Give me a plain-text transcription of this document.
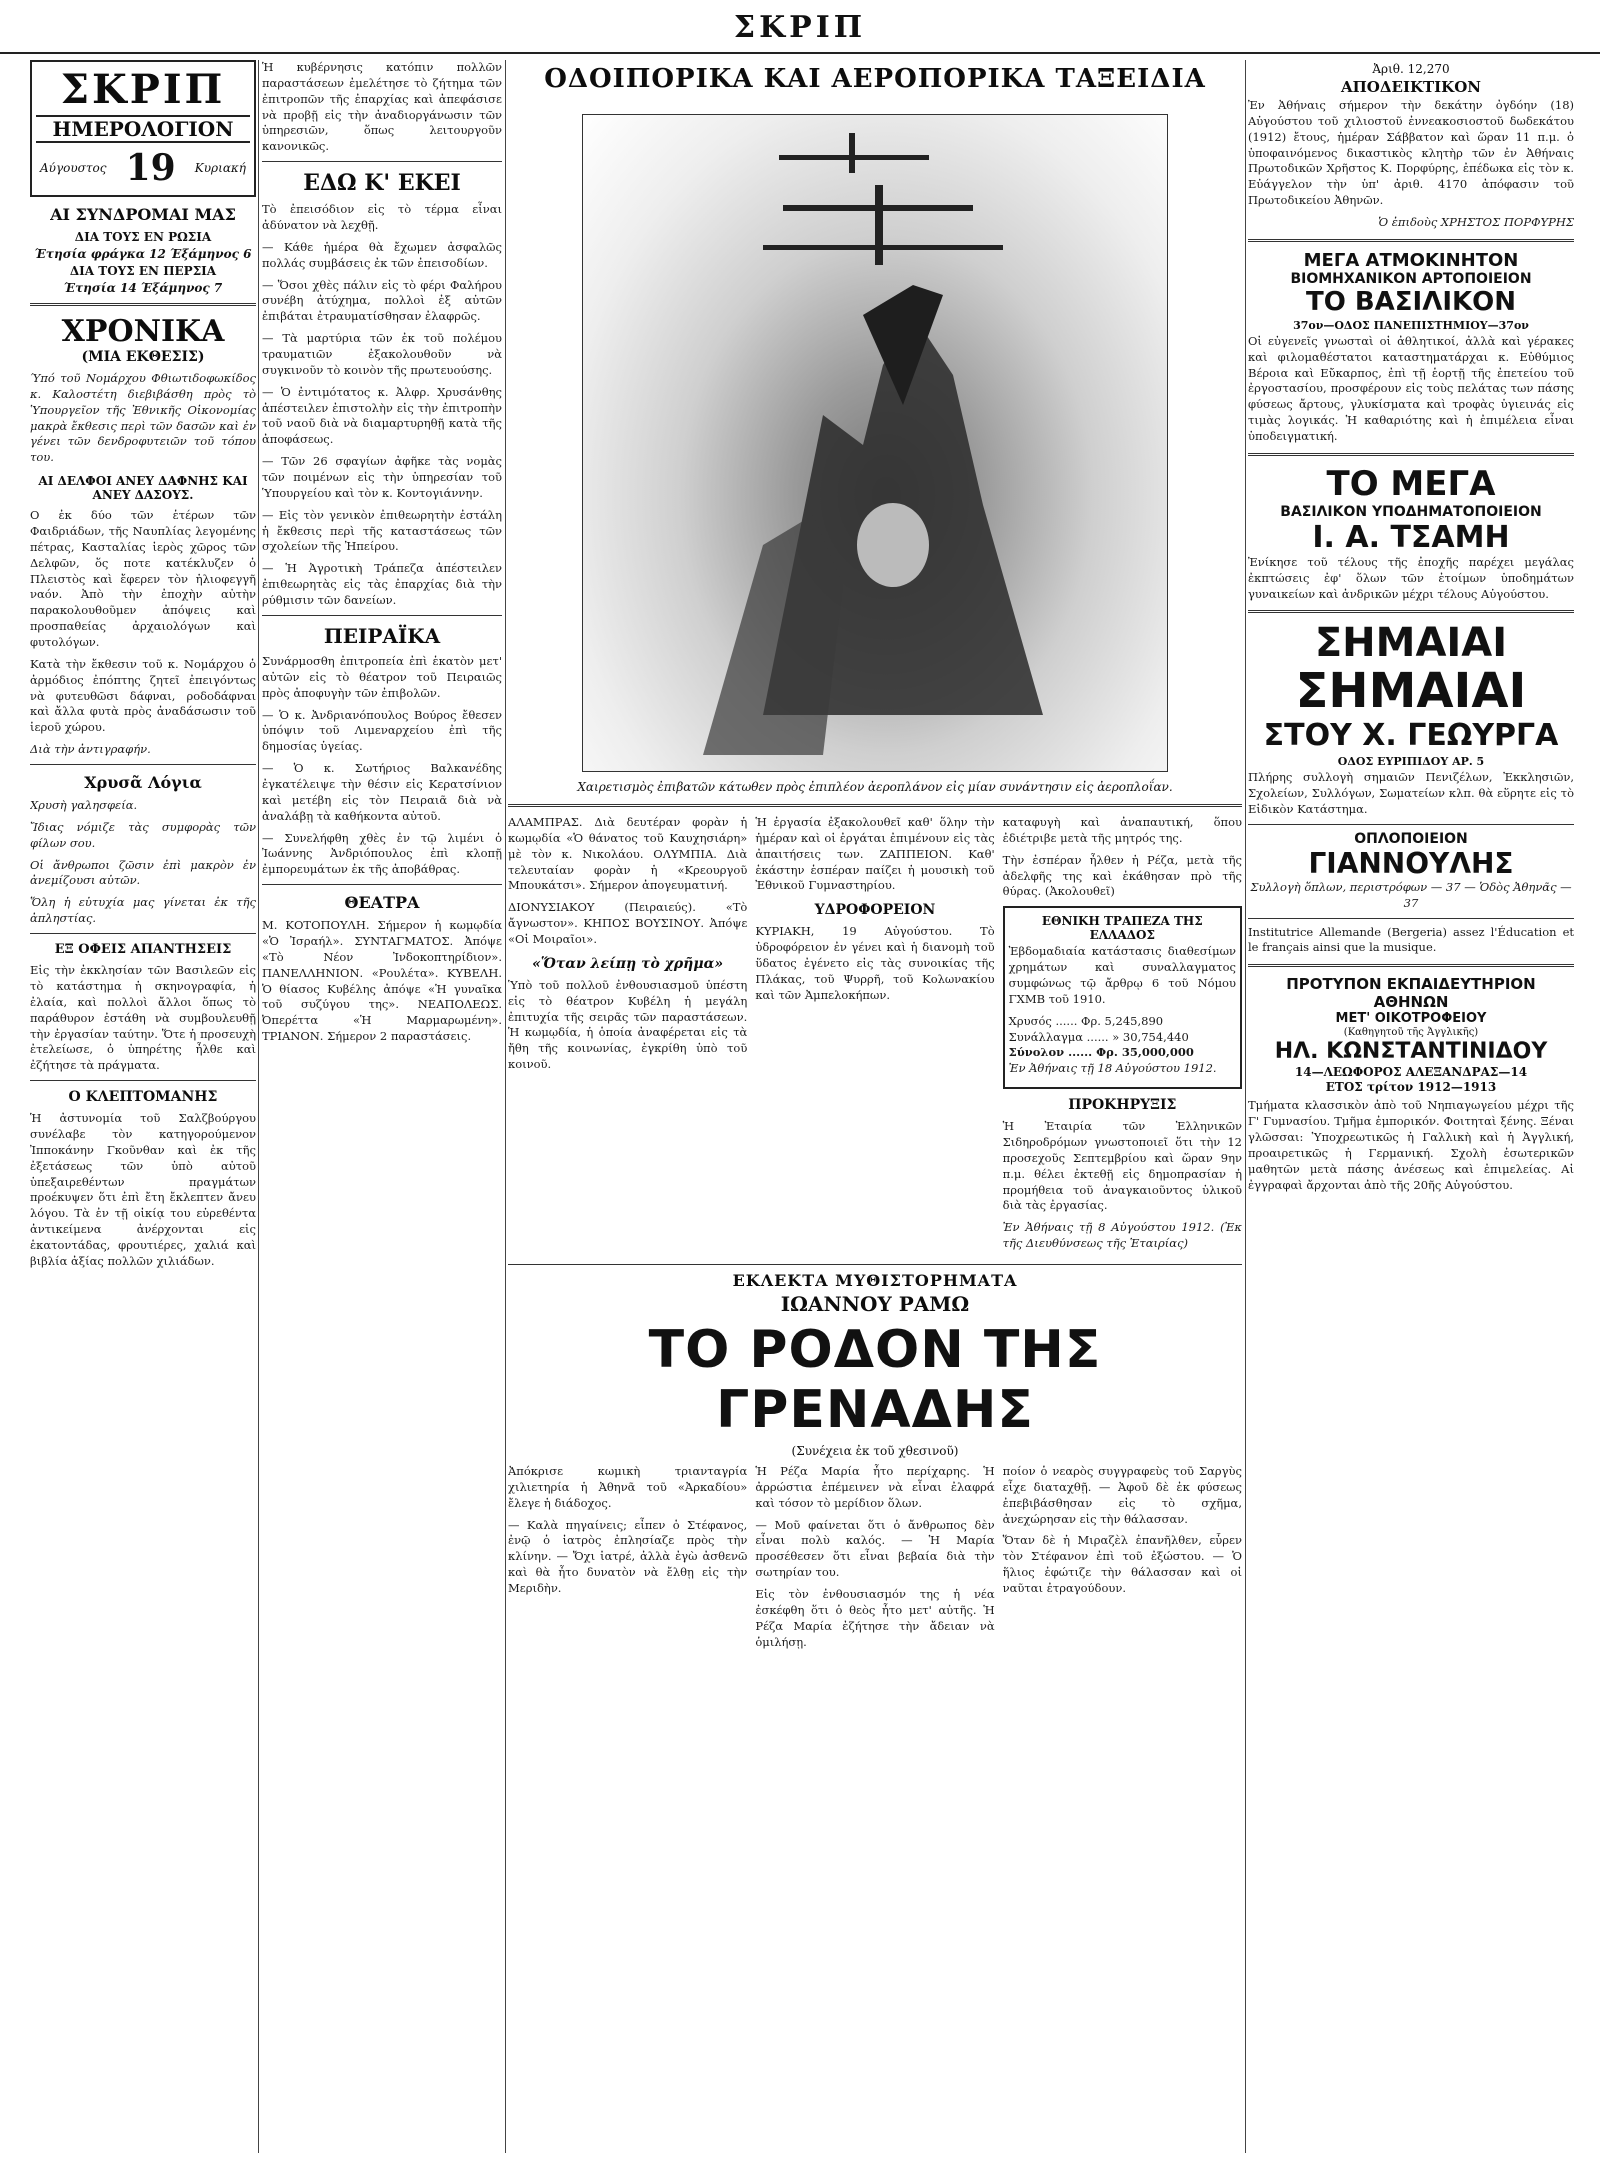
ΣΚΡΙΠ
ΣΚΡΙΠ
ΗΜΕΡΟΛΟΓΙΟΝ
Αύγουστος 19 Κυριακή
ΑΙ ΣΥΝΔΡΟΜΑΙ ΜΑΣ
ΔΙΑ ΤΟΥΣ ΕΝ ΡΩΣΙΑ
Έτησία φράγκα 12 Έξάμηνος 6
ΔΙΑ ΤΟΥΣ ΕΝ ΠΕΡΣΙΑ
Έτησία 14 Έξάμηνος 7
ΧΡΟΝΙΚΑ
(ΜΙΑ ΕΚΘΕΣΙΣ)

Ύπό τοῦ Νομάρχου Φθιωτιδοφωκίδος κ. Καλοστέτη διεβιβάσθη πρὸς τὸ Ὑπουργεῖον τῆς Ἐθνικῆς Οἰκονομίας μακρὰ ἔκθεσις περὶ τῶν δασῶν καὶ ἐν γένει τῶν δενδροφυτειῶν τοῦ τόπου του.

ΑΙ ΔΕΛΦΟΙ ΑΝΕΥ ΔΑΦΝΗΣ ΚΑΙ ΑΝΕΥ ΔΑΣΟΥΣ.

Ο ἐκ δύο τῶν ἑτέρων τῶν Φαιδριάδων, τῆς Ναυπλίας λεγομένης πέτρας, Κασταλίας ἱερὸς χῶρος τῶν Δελφῶν, ὅς ποτε κατέκλυζεν ὁ Πλειστὸς καὶ ἔφερεν τὸν ἡλιοφεγγῆ ναόν. Ἀπὸ τὴν ἐποχὴν αὐτὴν παρακολουθοῦμεν ἀπόψεις καὶ προσπαθείας ἀρχαιολόγων καὶ φυτολόγων.

Κατὰ τὴν ἔκθεσιν τοῦ κ. Νομάρχου ὁ ἀρμόδιος ἐπόπτης ζητεῖ ἐπειγόντως νὰ φυτευθῶσι δάφναι, ροδοδάφναι καὶ ἄλλα φυτὰ πρὸς ἀναδάσωσιν τοῦ ἱεροῦ χώρου.

Διὰ τὴν ἀντιγραφήν.

Χρυσᾶ Λόγια

Χρυσὴ γαλησφεία.

Ἴδιας νόμιζε τὰς συμφορὰς τῶν φίλων σου.

Οἱ ἄνθρωποι ζῶσιν ἐπὶ μακρὸν ἐν ἀνεμίζουσι αὐτῶν.

Ὅλη ἡ εὐτυχία μας γίνεται ἐκ τῆς ἀπληστίας.

ΕΞ ΟΦΕΙΣ ΑΠΑΝΤΗΣΕΙΣ

Εἰς τὴν ἐκκλησίαν τῶν Βασιλεῶν εἰς τὸ κατάστημα ἡ σκηνογραφία, ἡ ἐλαία, καὶ πολλοὶ ἄλλοι ὅπως τὸ παράθυρον ἐστάθη νὰ συμβουλευθῇ τὴν ἐργασίαν ταύτην. Ὅτε ἡ προσευχὴ ἐτελείωσε, ὁ ὑπηρέτης ἦλθε καὶ ἐζήτησε τὰ πράγματα.

Ο ΚΛΕΠΤΟΜΑΝΗΣ

Ἡ ἀστυνομία τοῦ Σαλζβούργου συνέλαβε τὸν κατηγορούμενον Ἰπποκάνην Γκοῦνθαν καὶ ἐκ τῆς ἐξετάσεως τῶν ὑπὸ αὐτοῦ ὑπεξαιρεθέντων πραγμάτων προέκυψεν ὅτι ἐπὶ ἔτη ἔκλεπτεν ἄνευ λόγου. Τὰ ἐν τῇ οἰκίᾳ του εὑρεθέντα ἀντικείμενα ἀνέρχονται εἰς ἑκατοντάδας, φρουτιέρες, χαλιά καὶ βιβλία ἀξίας πολλῶν χιλιάδων.

Ἡ κυβέρνησις κατόπιν πολλῶν παραστάσεων ἐμελέτησε τὸ ζήτημα τῶν ἐπιτροπῶν τῆς ἐπαρχίας καὶ ἀπεφάσισε νὰ προβῇ εἰς τὴν ἀναδιοργάνωσιν τῶν ὑπηρεσιῶν, ὅπως λειτουργοῦν κανονικῶς.

ΕΔΩ Κ' ΕΚΕΙ

Τὸ ἐπεισόδιον εἰς τὸ τέρμα εἶναι ἀδύνατον νὰ λεχθῇ.

— Κάθε ἡμέρα θὰ ἔχωμεν ἀσφαλῶς πολλάς συμβάσεις ἐκ τῶν ἐπεισοδίων.

— Ὅσοι χθὲς πάλιν εἰς τὸ φέρι Φαλήρου συνέβη ἀτύχημα, πολλοὶ ἐξ αὐτῶν ἐπιβάται ἐτραυματίσθησαν ἐλαφρῶς.

— Τὰ μαρτύρια τῶν ἐκ τοῦ πολέμου τραυματιῶν ἐξακολουθοῦν νὰ συγκινοῦν τὸ κοινὸν τῆς πρωτευούσης.

— Ὁ ἐντιμότατος κ. Ἀλφρ. Χρυσάνθης ἀπέστειλεν ἐπιστολὴν εἰς τὴν ἐπιτροπὴν τοῦ ναοῦ διὰ νὰ διαμαρτυρηθῇ κατὰ τῆς ἀποφάσεως.

— Τῶν 26 σφαγίων ἀφῆκε τὰς νομὰς τῶν ποιμένων εἰς τὴν ὑπηρεσίαν τοῦ Ὑπουργείου καὶ τὸν κ. Κοντογιάννην.

— Εἰς τὸν γενικὸν ἐπιθεωρητὴν ἐστάλη ἡ ἔκθεσις περὶ τῆς καταστάσεως τῶν σχολείων τῆς Ἠπείρου.

— Ἡ Ἀγροτικὴ Τράπεζα ἀπέστειλεν ἐπιθεωρητὰς εἰς τὰς ἐπαρχίας διὰ τὴν ρύθμισιν τῶν δανείων.

ΠΕΙΡΑΪΚΑ

Συνάρμοσθη ἐπιτροπεία ἐπὶ ἑκατὸν μετ' αὐτῶν εἰς τὸ θέατρον τοῦ Πειραιῶς πρὸς ἀποφυγὴν τῶν ἐπιβολῶν.

— Ὁ κ. Ἀνδριανόπουλος Βούρος ἔθεσεν ὑπόψιν τοῦ Λιμεναρχείου ἐπὶ τῆς δημοσίας ὑγείας.

— Ὁ κ. Σωτήριος Βαλκανέδης ἐγκατέλειψε τὴν θέσιν εἰς Κερατσίνιον καὶ μετέβη εἰς τὸν Πειραιᾶ διὰ νὰ ἀναλάβῃ τὰ καθήκοντα αὐτοῦ.

— Συνελήφθη χθὲς ἐν τῷ λιμένι ὁ Ἰωάννης Ἀνδριόπουλος ἐπὶ κλοπῇ ἐμπορευμάτων ἐκ τῆς ἀποβάθρας.

ΘΕΑΤΡΑ

Μ. ΚΟΤΟΠΟΥΛΗ. Σήμερον ἡ κωμῳδία «Ὁ Ἰσραήλ». ΣΥΝΤΑΓΜΑΤΟΣ. Ἀπόψε «Τὸ Νέον Ἰνδοκοπτηρίδιον». ΠΑΝΕΛΛΗΝΙΟΝ. «Ρουλέτα». ΚΥΒΕΛΗ. Ὁ θίασος Κυβέλης ἀπόψε «Ἡ γυναῖκα τοῦ συζύγου της». ΝΕΑΠΟΛΕΩΣ. Ὀπερέττα «Ἡ Μαρμαρωμένη». ΤΡΙΑΝΟΝ. Σήμερον 2 παραστάσεις.

ΟΔΟΙΠΟΡΙΚΑ ΚΑΙ ΑΕΡΟΠΟΡΙΚΑ ΤΑΞΕΙΔΙΑ
Χαιρετισμὸς ἐπιβατῶν κάτωθεν πρὸς ἐπιπλέον ἀεροπλάνον εἰς μίαν συνάντησιν εἰς ἀεροπλοΐαν.

ΑΛΑΜΠΡΑΣ. Διὰ δευτέραν φορὰν ἡ κωμῳδία «Ὁ θάνατος τοῦ Καυχησιάρη» μὲ τὸν κ. Νικολάου. ΟΛΥΜΠΙΑ. Διὰ τελευταίαν φορὰν ἡ «Κρεουργοῦ Μπουκάτσι». Σήμερον ἀπογευματινή.

ΔΙΟΝΥΣΙΑΚΟΥ (Πειραιεύς). «Τὸ ἄγνωστον». ΚΗΠΟΣ ΒΟΥΣΙΝΟΥ. Ἀπόψε «Οἱ Μοιραῖοι».

«Ὅταν λείπῃ τὸ χρῆμα»

Ὑπὸ τοῦ πολλοῦ ἐνθουσιασμοῦ ὑπέστη εἰς τὸ θέατρον Κυβέλη ἡ μεγάλη ἐπιτυχία τῆς σειρᾶς τῶν παραστάσεων. Ἡ κωμῳδία, ἡ ὁποία ἀναφέρεται εἰς τὰ ἤθη τῆς κοινωνίας, ἐγκρίθη ὑπὸ τοῦ κοινοῦ.

Ἡ ἐργασία ἐξακολουθεῖ καθ' ὅλην τὴν ἡμέραν καὶ οἱ ἐργάται ἐπιμένουν εἰς τὰς ἀπαιτήσεις των. ΖΑΠΠΕΙΟΝ. Καθ' ἑκάστην ἑσπέραν παίζει ἡ μουσικὴ τοῦ Ἐθνικοῦ Γυμναστηρίου.

ΥΔΡΟΦΟΡΕΙΟΝ

ΚΥΡΙΑΚΗ, 19 Αὐγούστου. Τὸ ὑδροφόρειον ἐν γένει καὶ ἡ διανομὴ τοῦ ὕδατος ἐγένετο εἰς τὰς συνοικίας τῆς Πλάκας, τοῦ Ψυρρῆ, τοῦ Κολωνακίου καὶ τῶν Ἀμπελοκήπων.

καταφυγὴ καὶ ἀναπαυτική, ὅπου ἐδιέτριβε μετὰ τῆς μητρός της.

Τὴν ἐσπέραν ἦλθεν ἡ Ρέζα, μετὰ τῆς ἀδελφῆς της καὶ ἐκάθησαν πρὸ τῆς θύρας. (Ἀκολουθεῖ)

ΕΘΝΙΚΗ ΤΡΑΠΕΖΑ ΤΗΣ ΕΛΛΑΔΟΣ

Ἐβδομαδιαία κατάστασις διαθεσίμων χρημάτων καὶ συναλλαγματος συμφώνως τῷ ἄρθρῳ 6 τοῦ Νόμου ΓΧΜΒ τοῦ 1910.

Χρυσός ...... Φρ. 5,245,890

Συνάλλαγμα ...... » 30,754,440

Σύνολον ...... Φρ. 35,000,000

Ἐν Ἀθήναις τῇ 18 Αὐγούστου 1912.

ΠΡΟΚΗΡΥΞΙΣ

Ἡ Ἑταιρία τῶν Ἑλληνικῶν Σιδηροδρόμων γνωστοποιεῖ ὅτι τὴν 12 προσεχοῦς Σεπτεμβρίου καὶ ὥραν 9ην π.μ. θέλει ἐκτεθῇ εἰς δημοπρασίαν ἡ προμήθεια τοῦ ἀναγκαιοῦντος ὑλικοῦ διὰ τὰς ἐργασίας.

Ἐν Ἀθήναις τῇ 8 Αὐγούστου 1912. (Ἐκ τῆς Διευθύνσεως τῆς Ἑταιρίας)

ΕΚΛΕΚΤΑ ΜΥΘΙΣΤΟΡΗΜΑΤΑ
ΙΩΑΝΝΟΥ ΡΑΜΩ
ΤΟ ΡΟΔΟΝ ΤΗΣ ΓΡΕΝΑΔΗΣ
(Συνέχεια ἐκ τοῦ χθεσινοῦ)

Ἀπόκρισε κωμικὴ τριανταγρία χιλιετηρία ἡ Ἀθηνᾶ τοῦ «Ἀρκαδίου» ἔλεγε ἡ διάδοχος.

— Καλὰ πηγαίνεις; εἶπεν ὁ Στέφανος, ἐνῷ ὁ ἰατρὸς ἐπλησίαζε πρὸς τὴν κλίνην. — Ὄχι ἰατρέ, ἀλλὰ ἐγὼ ἀσθενῶ καὶ θὰ ἦτο δυνατὸν νὰ ἔλθῃ εἰς τὴν Μεριδὴν.

Ἡ Ρέζα Μαρία ἦτο περίχαρης. Ἡ ἀρρώστια ἐπέμεινεν νὰ εἶναι ἐλαφρά καὶ τόσον τὸ μερίδιον ὅλων.

— Μοῦ φαίνεται ὅτι ὁ ἄνθρωπος δὲν εἶναι πολὺ καλός. — Ἡ Μαρία προσέθεσεν ὅτι εἶναι βεβαία διὰ τὴν σωτηρίαν του.

Εἰς τὸν ἐνθουσιασμόν της ἡ νέα ἐσκέφθη ὅτι ὁ θεὸς ἦτο μετ' αὐτῆς. Ἡ Ρέζα Μαρία ἐζήτησε τὴν ἄδειαν νὰ ὁμιλήσῃ.

ποίον ὁ νεαρὸς συγγραφεὺς τοῦ Σαργὺς εἶχε διαταχθῇ. — Ἀφοῦ δὲ ἐκ φύσεως ἐπεβιβάσθησαν εἰς τὸ σχῆμα, ἀνεχώρησαν εἰς τὴν θάλασσαν.

Ὅταν δὲ ἡ Μιραζὲλ ἐπανῆλθεν, εὗρεν τὸν Στέφανον ἐπὶ τοῦ ἐξώστου. — Ὁ ἥλιος ἐφώτιζε τὴν θάλασσαν καὶ οἱ ναῦται ἐτραγούδουν.

Ἀριθ. 12,270
ΑΠΟΔΕΙΚΤΙΚΟΝ

Ἐν Ἀθήναις σήμερον τὴν δεκάτην ὀγδόην (18) Αὐγούστου τοῦ χιλιοστοῦ ἐννεακοσιοστοῦ δωδεκάτου (1912) ἔτους, ἡμέραν Σάββατον καὶ ὥραν 11 π.μ. ὁ ὑποφαινόμενος δικαστικὸς κλητὴρ τῶν ἐν Ἀθήναις Πρωτοδικῶν Χρῆστος Κ. Πορφύρης, ἐπέδωκα εἰς τὸν κ. Εὐάγγελον τὴν ὑπ' ἀριθ. 4170 ἀπόφασιν τοῦ Πρωτοδικείου Ἀθηνῶν.

Ὁ ἐπιδοὺς ΧΡΗΣΤΟΣ ΠΟΡΦΥΡΗΣ

ΜΕΓΑ ΑΤΜΟΚΙΝΗΤΟΝ
ΒΙΟΜΗΧΑΝΙΚΟΝ ΑΡΤΟΠΟΙΕΙΟΝ
ΤΟ ΒΑΣΙΛΙΚΟΝ
37ον—ΟΔΟΣ ΠΑΝΕΠΙΣΤΗΜΙΟΥ—37ον

Οἱ εὐγενεῖς γνωσταὶ οἱ ἀθλητικοί, ἀλλὰ καὶ γέρακες καὶ φιλομαθέστατοι καταστηματάρχαι κ. Εὐθύμιος Βέροια καὶ Εὔκαρπος, ἐπὶ τῇ ἑορτῇ τῆς ἐπετείου τοῦ ἐργοστασίου, προσφέρουν εἰς τοὺς πελάτας των πάσης φύσεως ἄρτους, γλυκίσματα καὶ τροφὰς ὑγιεινάς εἰς τιμὰς λογικάς. Ἡ καθαριότης καὶ ἡ ἐπιμέλεια εἶναι ὑποδειγματική.

ΤΟ ΜΕΓΑ
ΒΑΣΙΛΙΚΟΝ ΥΠΟΔΗΜΑΤΟΠΟΙΕΙΟΝ
Ι. Α. ΤΣΑΜΗ

Ἐνίκησε τοῦ τέλους τῆς ἐποχῆς παρέχει μεγάλας ἐκπτώσεις ἐφ' ὅλων τῶν ἐτοίμων ὑποδημάτων γυναικείων καὶ ἀνδρικῶν μέχρι τέλους Αὐγούστου.

ΣΗΜΑΙΑΙ
ΣΗΜΑΙΑΙ
ΣΤΟΥ Χ. ΓΕΩΥΡΓΑ
ΟΔΟΣ ΕΥΡΙΠΙΔΟΥ ΑΡ. 5

Πλήρης συλλογὴ σημαιῶν Πενιζέλων, Ἐκκλησιῶν, Σχολείων, Συλλόγων, Σωματείων κλπ. θὰ εὕρητε εἰς τὸ Εἰδικὸν Κατάστημα.

ΟΠΛΟΠΟΙΕΙΟΝ
ΓΙΑΝΝΟΥΛΗΣ

Συλλογὴ ὅπλων, περιστρόφων — 37 — Ὁδὸς Ἀθηνᾶς — 37

Institutrice Allemande (Bergeria) assez l'Éducation et le français ainsi que la musique.

ΠΡΟΤΥΠΟΝ ΕΚΠΑΙΔΕΥΤΗΡΙΟΝ ΑΘΗΝΩΝ
ΜΕΤ' ΟΙΚΟΤΡΟΦΕΙΟΥ
(Καθηγητοῦ τῆς Ἀγγλικῆς)
ΗΛ. ΚΩΝΣΤΑΝΤΙΝΙΔΟΥ
14—ΛΕΩΦΟΡΟΣ ΑΛΕΞΑΝΔΡΑΣ—14
ΕΤΟΣ τρίτον 1912—1913

Τμήματα κλασσικὸν ἀπὸ τοῦ Νηπιαγωγείου μέχρι τῆς Γ' Γυμνασίου. Τμῆμα ἐμπορικόν. Φοιτηταὶ ξένης. Ξέναι γλῶσσαι: Ὑποχρεωτικῶς ἡ Γαλλικὴ καὶ ἡ Ἀγγλική, προαιρετικῶς ἡ Γερμανική. Σχολὴ ἐσωτερικῶν μαθητῶν μετὰ πάσης ἀνέσεως καὶ ἐπιμελείας. Αἱ ἐγγραφαὶ ἄρχονται ἀπὸ τῆς 20ῆς Αὐγούστου.
